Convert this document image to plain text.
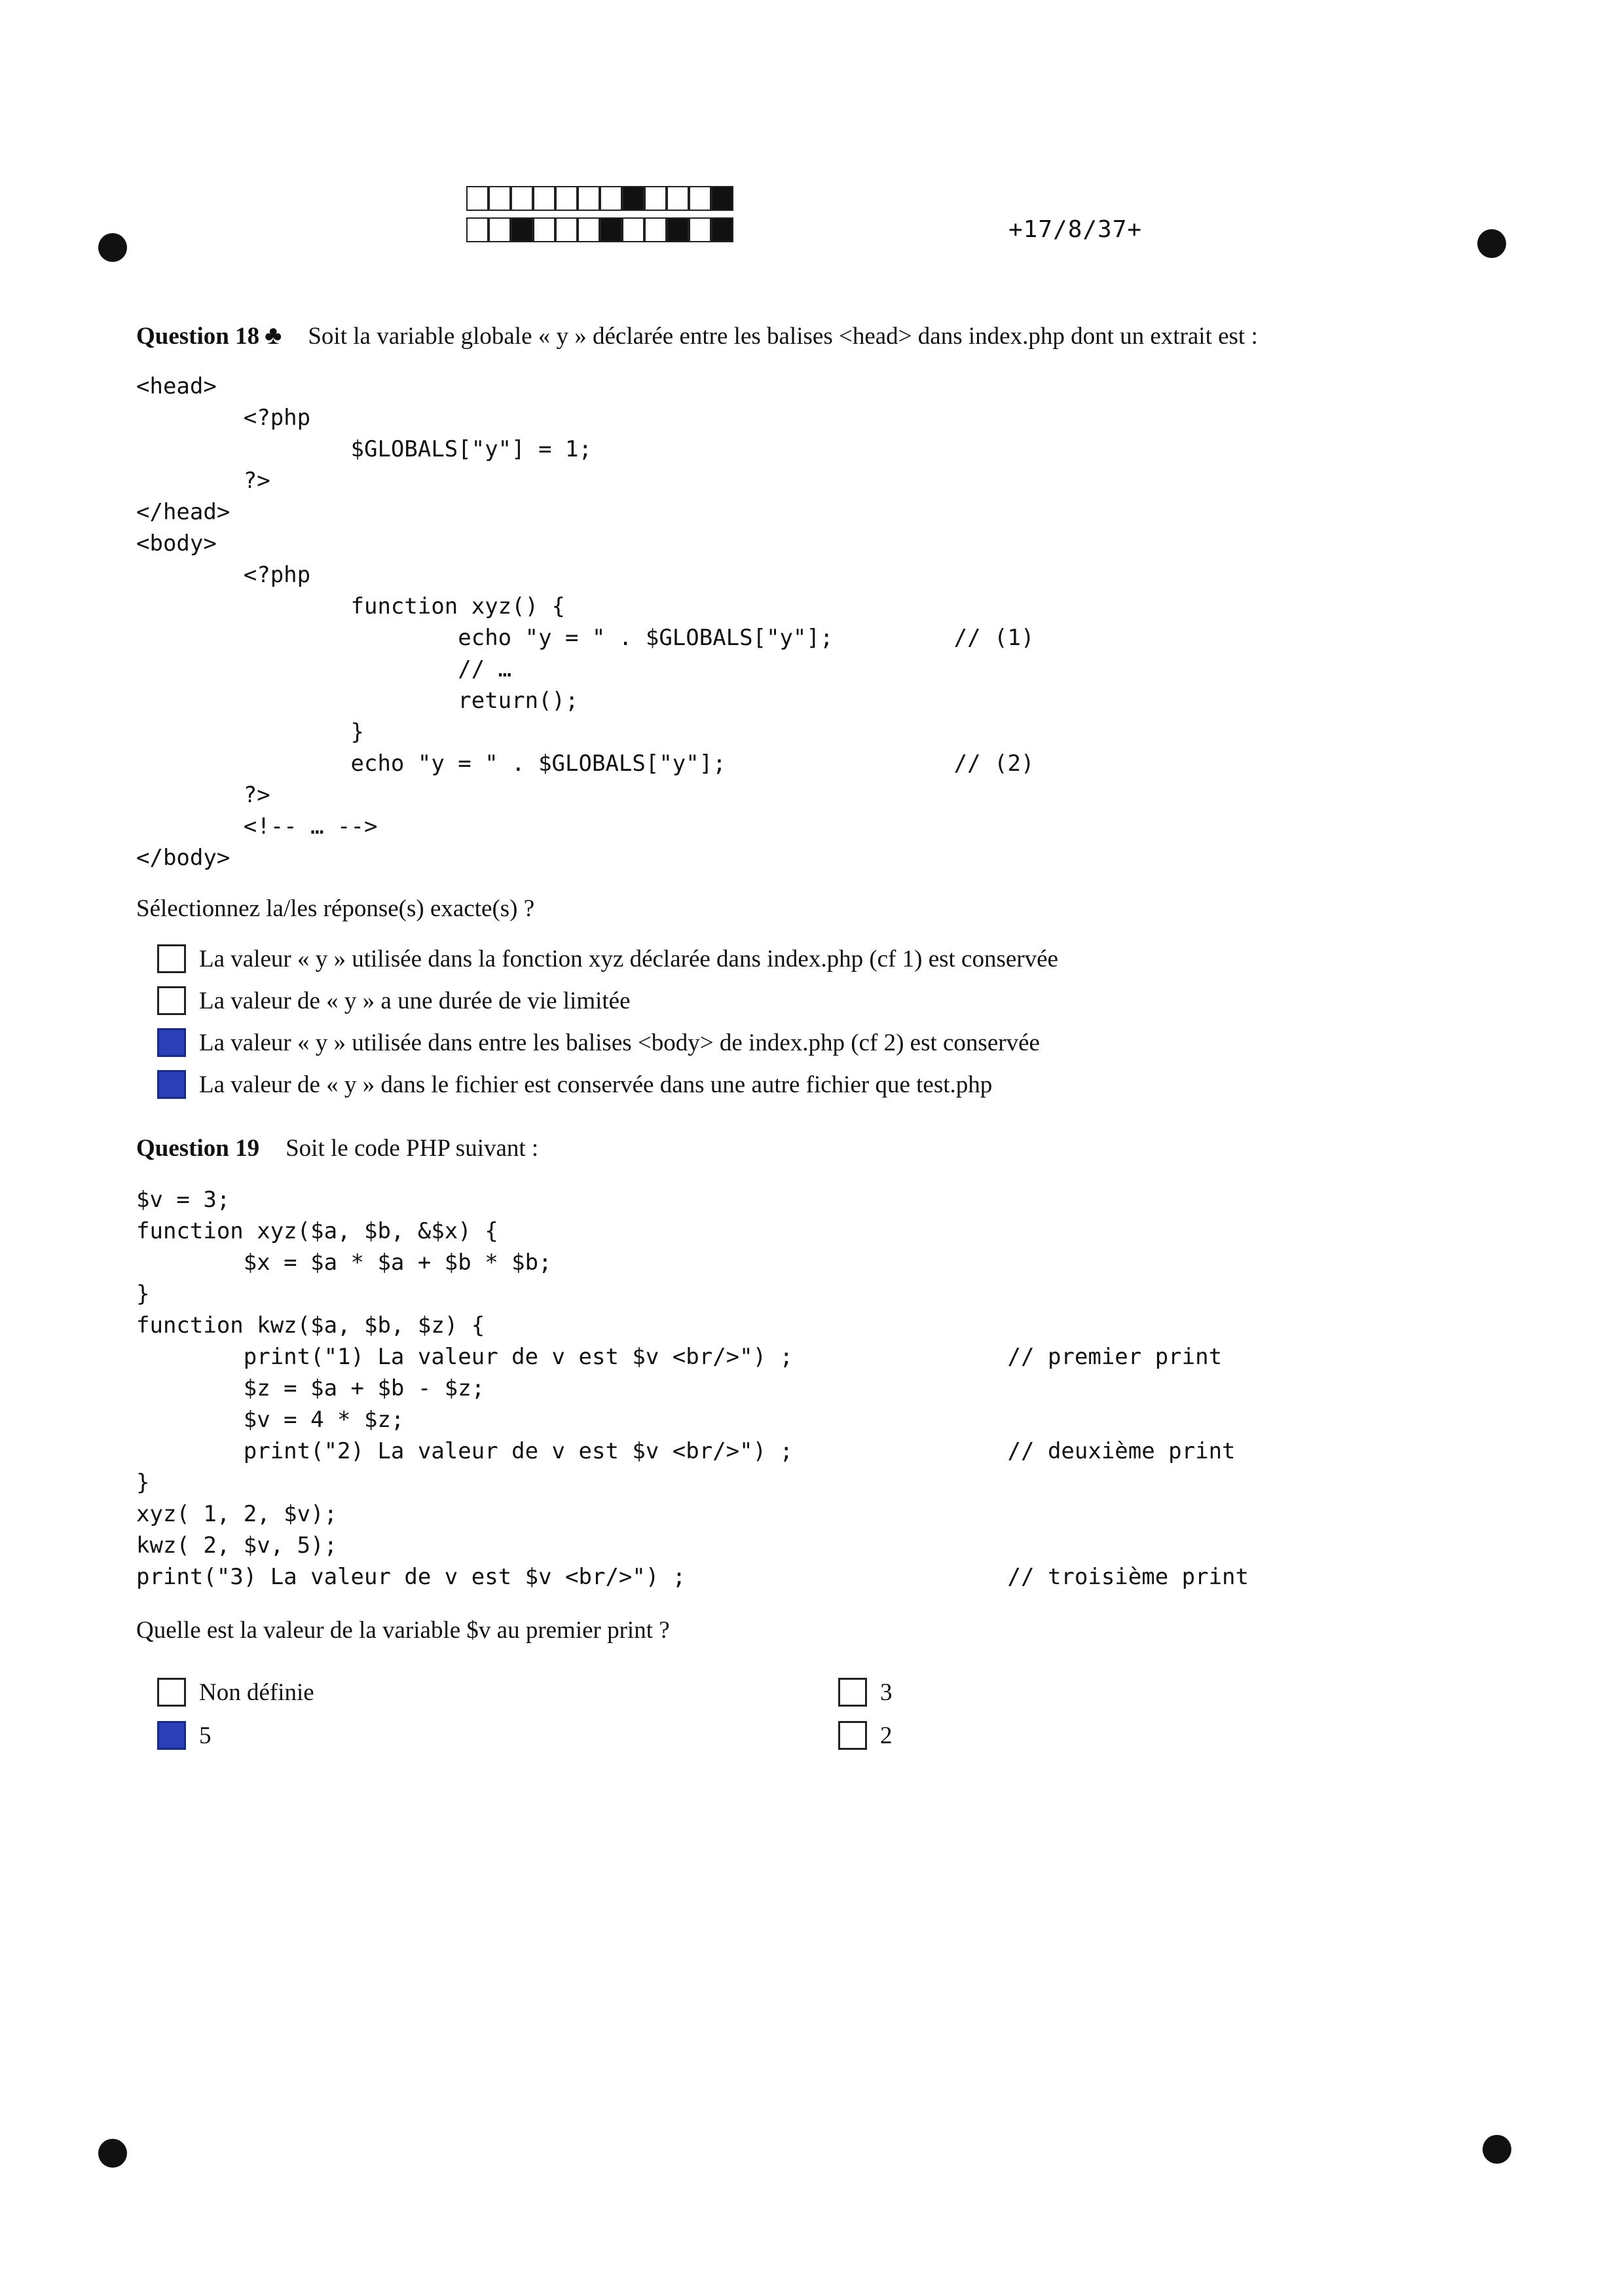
+17/8/37+
Question 18 ♣ Soit la variable globale « y » déclarée entre les balises <head> dans index.php dont un extrait est :
<head>
<?php
$GLOBALS["y"] = 1;
?>
</head>
<body>
<?php
function xyz() {
echo "y = " . $GLOBALS["y"];         // (1)
// …
return();
}
echo "y = " . $GLOBALS["y"];                 // (2)
?>
<!-- … -->
</body>
Sélectionnez la/les réponse(s) exacte(s) ?
La valeur « y » utilisée dans la fonction xyz déclarée dans index.php (cf 1) est conservée
La valeur de « y » a une durée de vie limitée
La valeur « y » utilisée dans entre les balises <body> de index.php (cf 2) est conservée
La valeur de « y » dans le fichier est conservée dans une autre fichier que test.php
Question 19 Soit le code PHP suivant :
$v = 3;
function xyz($a, $b, &$x) {
$x = $a * $a + $b * $b;
}
function kwz($a, $b, $z) {
print("1) La valeur de v est $v <br/>") ;                // premier print
$z = $a + $b - $z;
$v = 4 * $z;
print("2) La valeur de v est $v <br/>") ;                // deuxième print
}
xyz( 1, 2, $v);
kwz( 2, $v, 5);
print("3) La valeur de v est $v <br/>") ;                        // troisième print
Quelle est la valeur de la variable $v au premier print ?
Non définie
5
3
2
